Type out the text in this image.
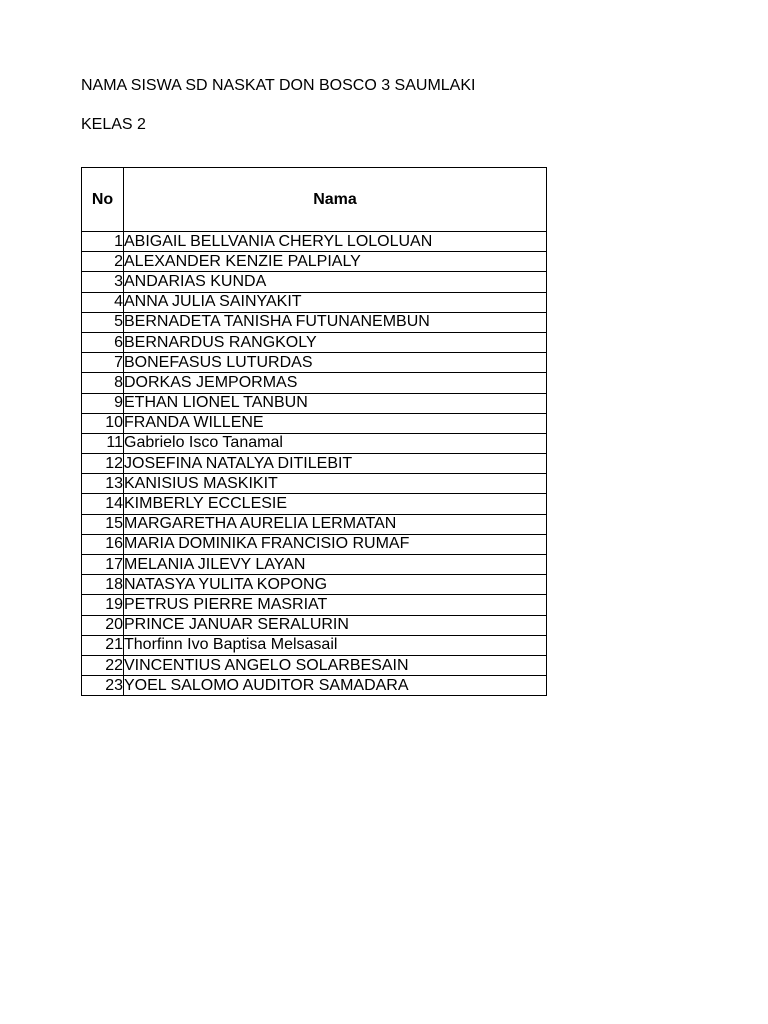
NAMA SISWA SD NASKAT DON BOSCO 3 SAUMLAKI
KELAS 2
No	Nama
1	ABIGAIL BELLVANIA CHERYL LOLOLUAN
2	ALEXANDER KENZIE PALPIALY
3	ANDARIAS KUNDA
4	ANNA JULIA SAINYAKIT
5	BERNADETA TANISHA FUTUNANEMBUN
6	BERNARDUS RANGKOLY
7	BONEFASUS LUTURDAS
8	DORKAS JEMPORMAS
9	ETHAN LIONEL TANBUN
10	FRANDA WILLENE
11	Gabrielo Isco Tanamal
12	JOSEFINA NATALYA DITILEBIT
13	KANISIUS MASKIKIT
14	KIMBERLY ECCLESIE
15	MARGARETHA AURELIA LERMATAN
16	MARIA DOMINIKA FRANCISIO RUMAF
17	MELANIA JILEVY LAYAN
18	NATASYA YULITA KOPONG
19	PETRUS PIERRE MASRIAT
20	PRINCE JANUAR SERALURIN
21	Thorfinn Ivo Baptisa Melsasail
22	VINCENTIUS ANGELO SOLARBESAIN
23	YOEL SALOMO AUDITOR SAMADARA
